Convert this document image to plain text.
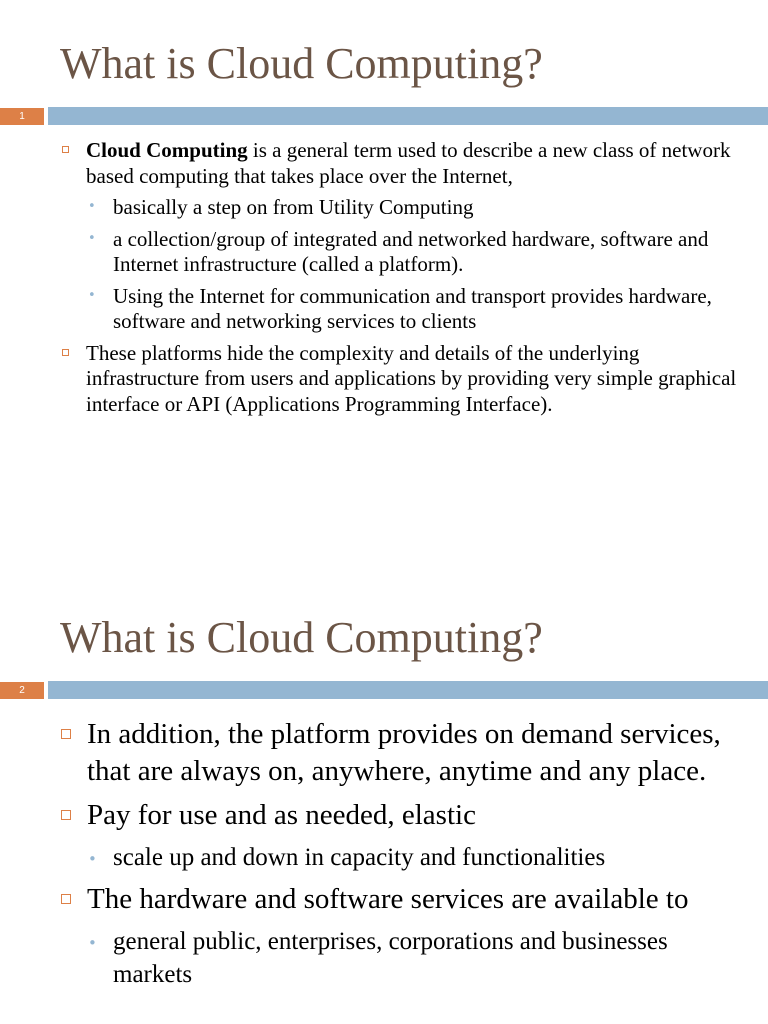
What is Cloud Computing?
1
Cloud Computing is a general term used to describe a new class of network based computing that takes place over the Internet,
• basically a step on from Utility Computing
• a collection/group of integrated and networked hardware, software and Internet infrastructure (called a platform).
• Using the Internet for communication and transport provides hardware, software and networking services to clients
These platforms hide the complexity and details of the underlying infrastructure from users and applications by providing very simple graphical interface or API (Applications Programming Interface).
What is Cloud Computing?
2
In addition, the platform provides on demand services, that are always on, anywhere, anytime and any place.
Pay for use and as needed, elastic
• scale up and down in capacity and functionalities
The hardware and software services are available to
• general public, enterprises, corporations and businesses markets
